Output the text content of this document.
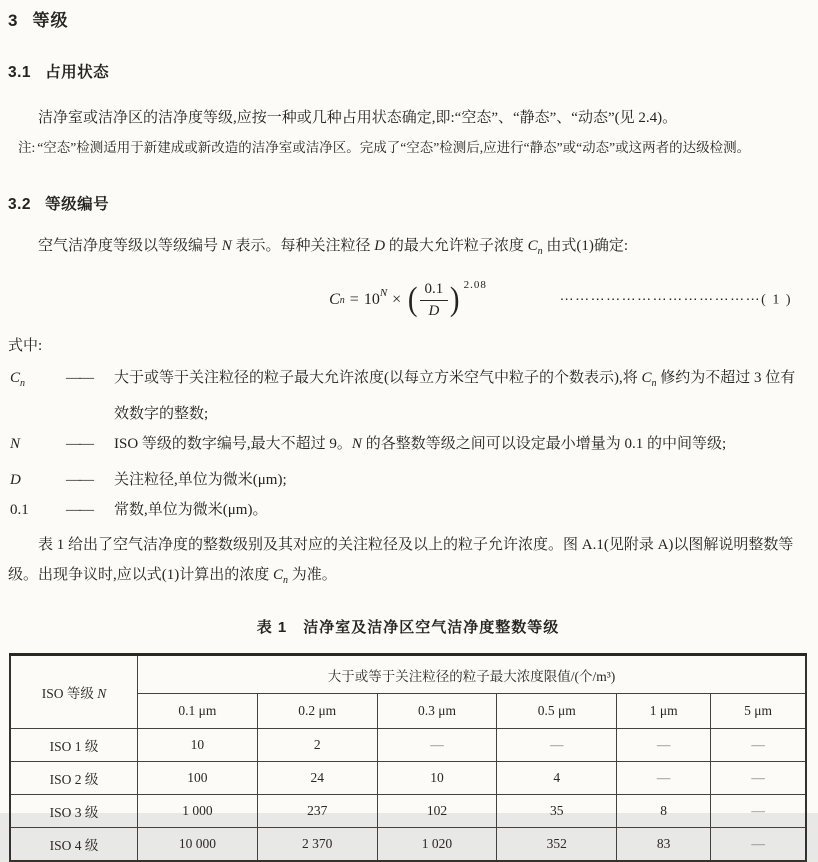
3 等级
3.1 占用状态

洁净室或洁净区的洁净度等级,应按一种或几种占用状态确定,即:“空态”、“静态”、“动态”(见 2.4)。

注: “空态”检测适用于新建成或新改造的洁净室或洁净区。完成了“空态”检测后,应进行“静态”或“动态”或这两者的达级检测。
3.2 等级编号

空气洁净度等级以等级编号 N 表示。每种关注粒径 D 的最大允许粒子浓度 $C_n$ 由式(1)确定:

C n = 10 N × ( $\frac{0.1}{D}$ ) 2.08
⋯⋯⋯⋯⋯⋯⋯⋯⋯⋯⋯⋯⋯( 1 )

式中:

$C_n$	——	大于或等于关注粒径的粒子最大允许浓度(以每立方米空气中粒子的个数表示),将 $C_n$ 修约为不超过 3 位有效数字的整数;
N	——	ISO 等级的数字编号,最大不超过 9。N 的各整数等级之间可以设定最小增量为 0.1 的中间等级;
D	——	关注粒径,单位为微米(μm);
0.1	——	常数,单位为微米(μm)。

表 1 给出了空气洁净度的整数级别及其对应的关注粒径及以上的粒子允许浓度。图 A.1(见附录 A)以图解说明整数等级。出现争议时,应以式(1)计算出的浓度 $C_n$ 为准。

表 1 洁净室及洁净区空气洁净度整数等级
ISO 等级 N	大于或等于关注粒径的粒子最大浓度限值/(个/m³)					
	0.1 μm	0.2 μm	0.3 μm	0.5 μm	1 μm	5 μm
ISO 1 级	10	2	—	—	—	—
ISO 2 级	100	24	10	4	—	—
ISO 3 级	1 000	237	102	35	8	—
ISO 4 级	10 000	2 370	1 020	352	83	—
